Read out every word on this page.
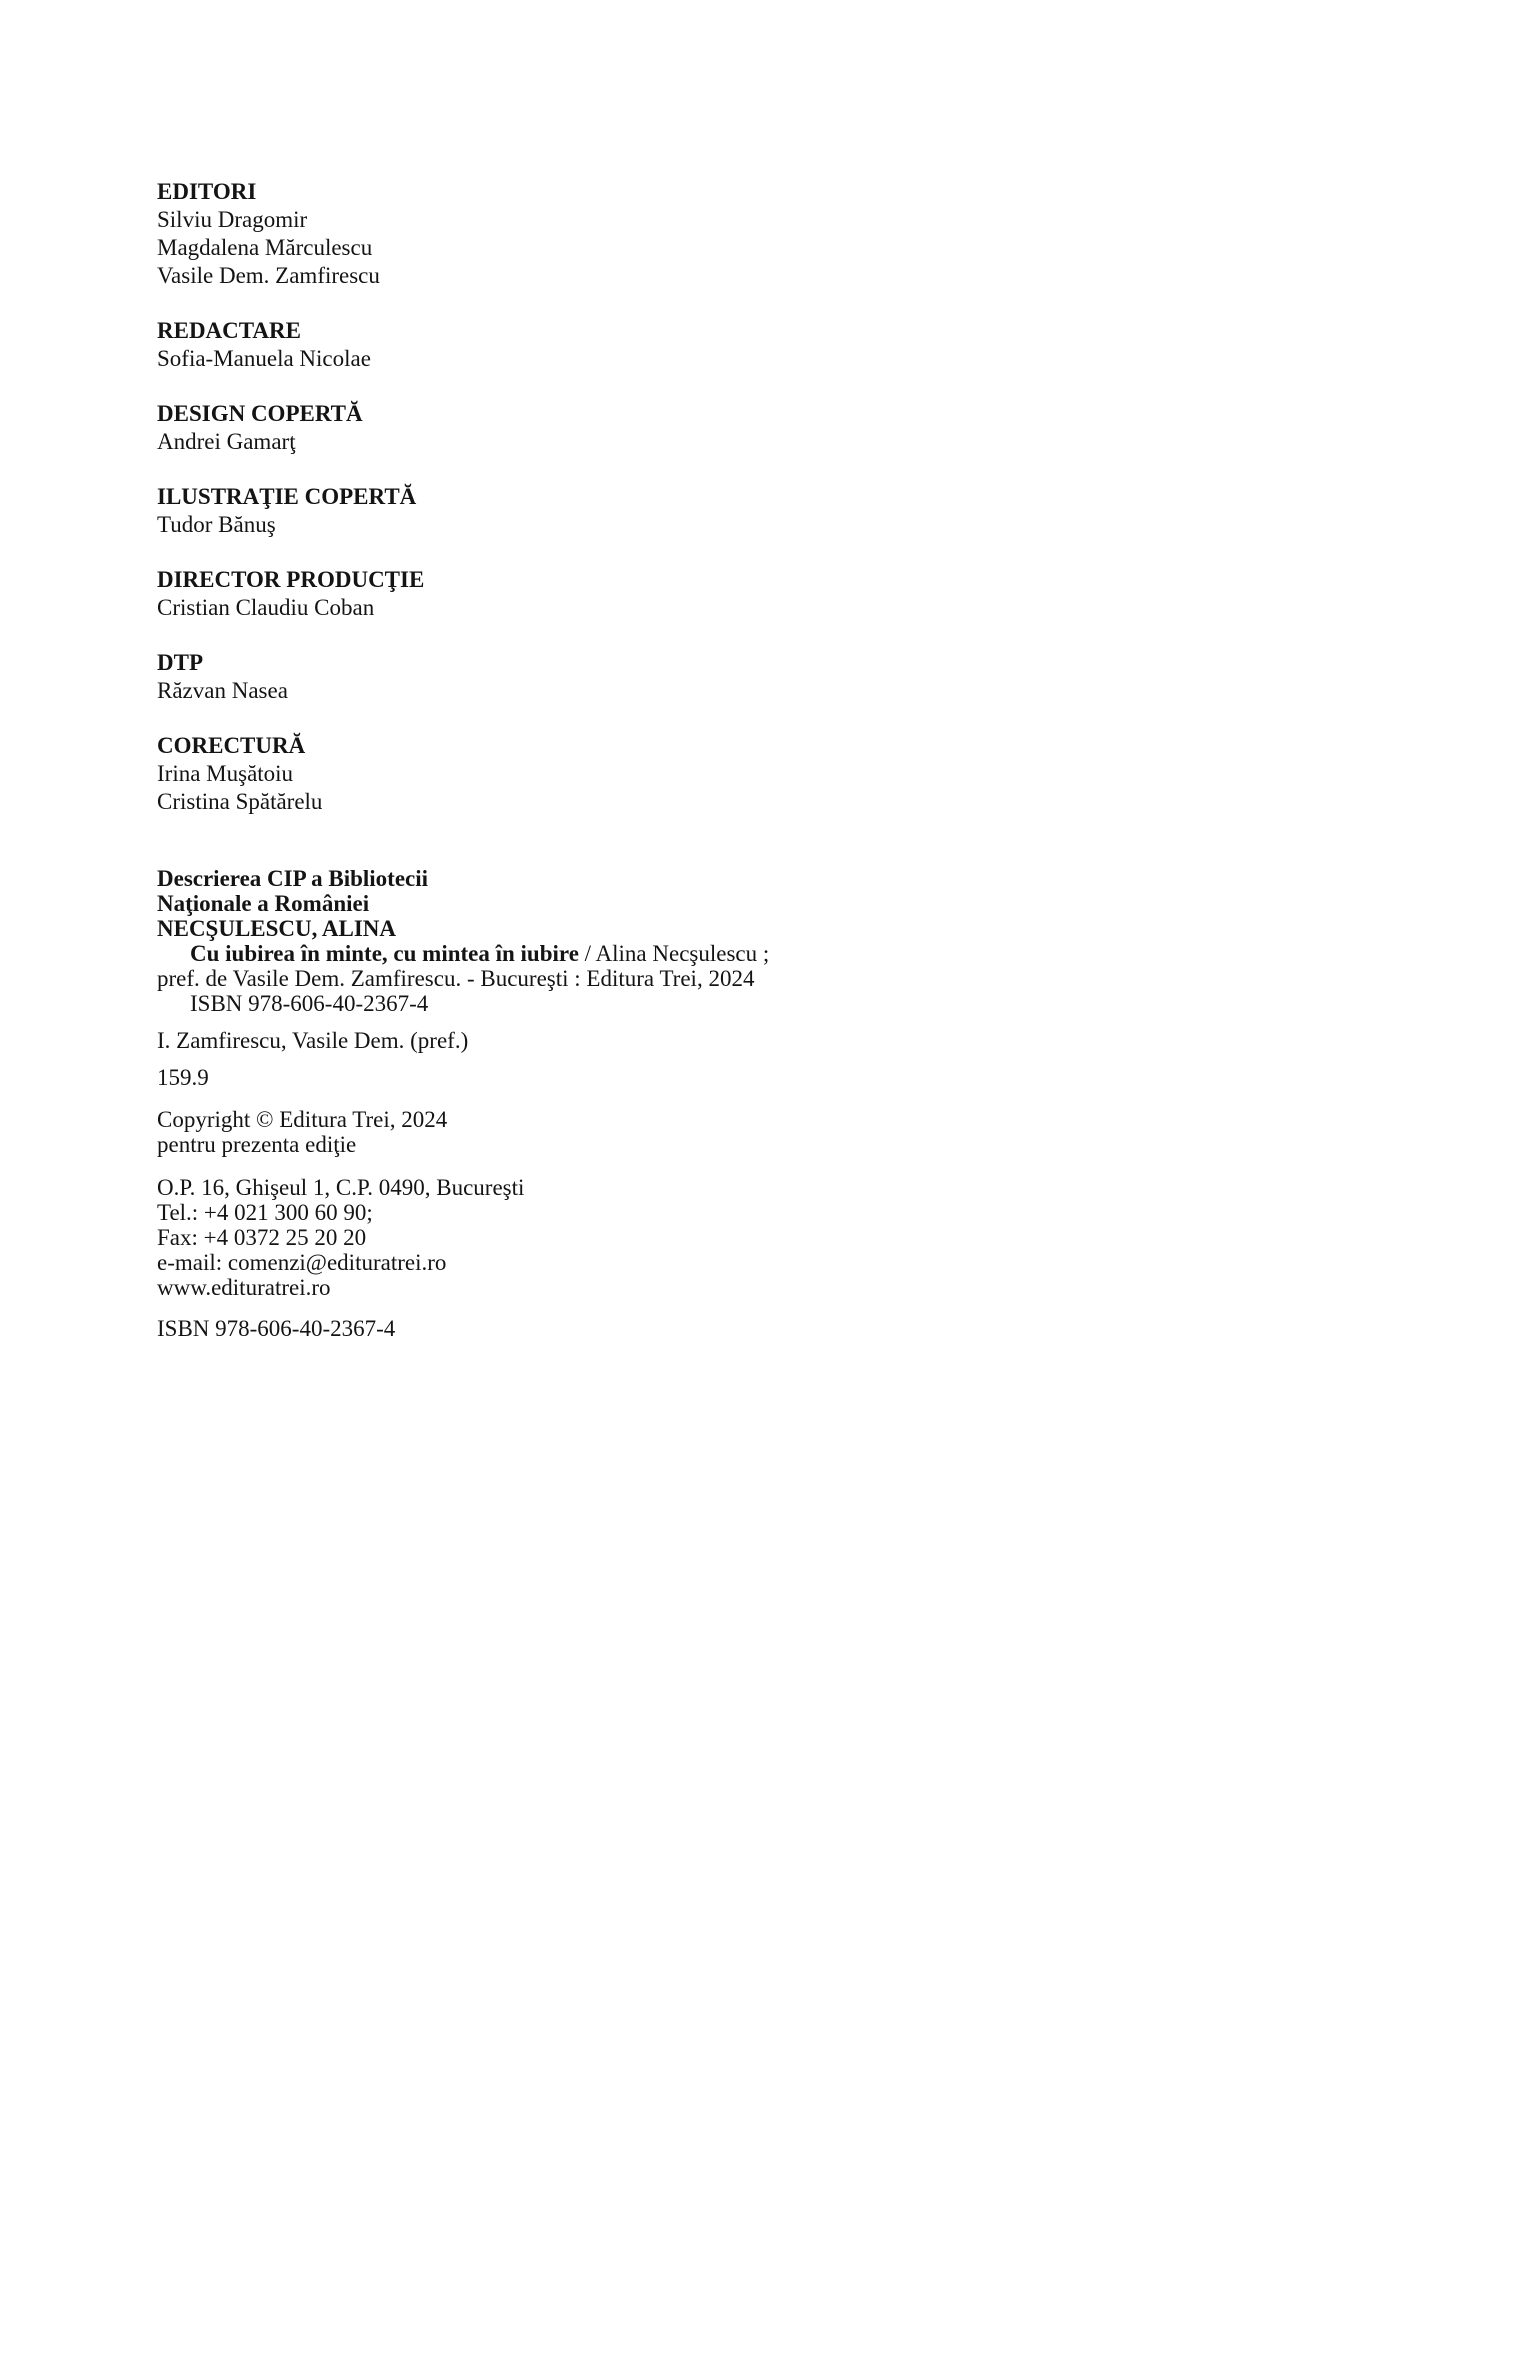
EDITORI
Silviu Dragomir
Magdalena Mărculescu
Vasile Dem. Zamfirescu
REDACTARE
Sofia-Manuela Nicolae
DESIGN COPERTĂ
Andrei Gamarţ
ILUSTRAŢIE COPERTĂ
Tudor Bănuş
DIRECTOR PRODUCŢIE
Cristian Claudiu Coban
DTP
Răzvan Nasea
CORECTURĂ
Irina Muşătoiu
Cristina Spătărelu
Descrierea CIP a Bibliotecii
Naţionale a României
NECŞULESCU, ALINA
Cu iubirea în minte, cu mintea în iubire / Alina Necşulescu ;
pref. de Vasile Dem. Zamfirescu. - Bucureşti : Editura Trei, 2024
ISBN 978-606-40-2367-4
I. Zamfirescu, Vasile Dem. (pref.)
159.9
Copyright © Editura Trei, 2024
pentru prezenta ediţie
O.P. 16, Ghişeul 1, C.P. 0490, Bucureşti
Tel.: +4 021 300 60 90;
Fax: +4 0372 25 20 20
e-mail: comenzi@edituratrei.ro
www.edituratrei.ro
ISBN 978-606-40-2367-4
